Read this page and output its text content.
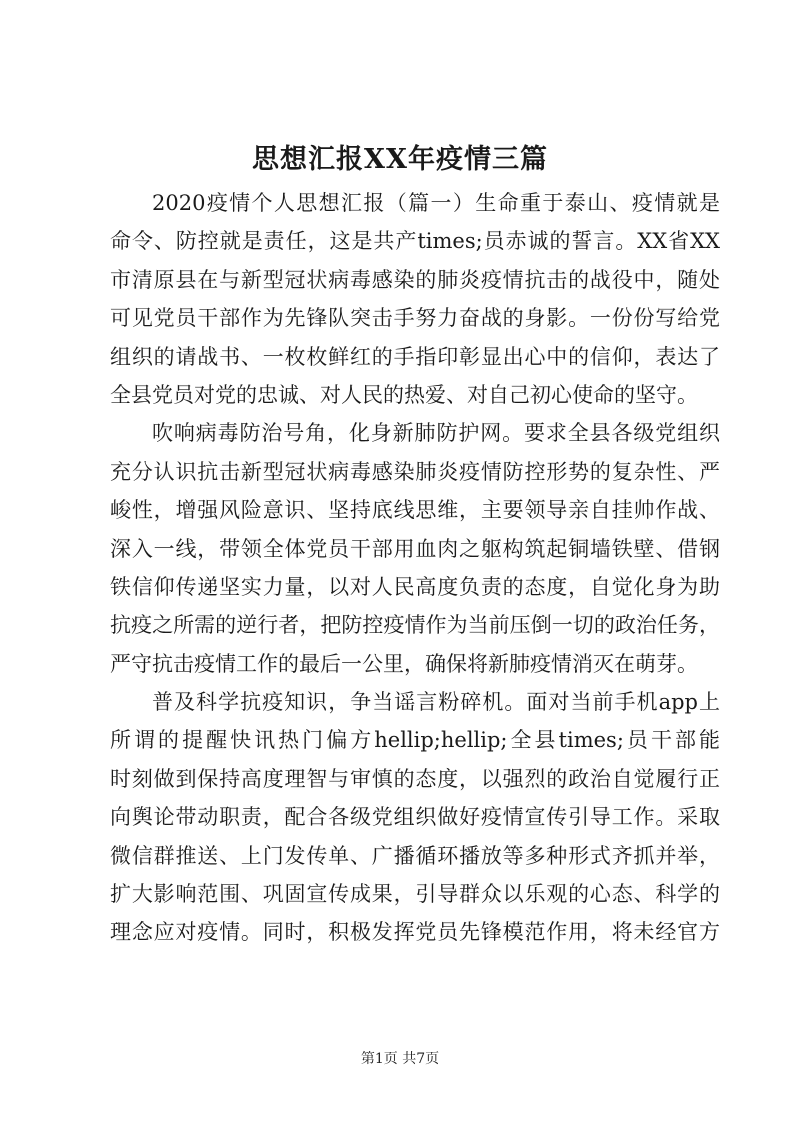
思想汇报XX年疫情三篇

2020疫情个人思想汇报（篇一）生命重于泰山、疫情就是
命令、防控就是责任，这是共产times;员赤诚的誓言。XX省XX
市清原县在与新型冠状病毒感染的肺炎疫情抗击的战役中，随处
可见党员干部作为先锋队突击手努力奋战的身影。一份份写给党
组织的请战书、一枚枚鲜红的手指印彰显出心中的信仰，表达了
全县党员对党的忠诚、对人民的热爱、对自己初心使命的坚守。

吹响病毒防治号角，化身新肺防护网。要求全县各级党组织
充分认识抗击新型冠状病毒感染肺炎疫情防控形势的复杂性、严
峻性，增强风险意识、坚持底线思维，主要领导亲自挂帅作战、
深入一线，带领全体党员干部用血肉之躯构筑起铜墙铁壁、借钢
铁信仰传递坚实力量，以对人民高度负责的态度，自觉化身为助
抗疫之所需的逆行者，把防控疫情作为当前压倒一切的政治任务，
严守抗击疫情工作的最后一公里，确保将新肺疫情消灭在萌芽。

普及科学抗疫知识，争当谣言粉碎机。面对当前手机app上
所谓的提醒快讯热门偏方hellip;hellip;全县times;员干部能
时刻做到保持高度理智与审慎的态度，以强烈的政治自觉履行正
向舆论带动职责，配合各级党组织做好疫情宣传引导工作。采取
微信群推送、上门发传单、广播循环播放等多种形式齐抓并举，
扩大影响范围、巩固宣传成果，引导群众以乐观的心态、科学的
理念应对疫情。同时，积极发挥党员先锋模范作用，将未经官方

第1页 共7页
